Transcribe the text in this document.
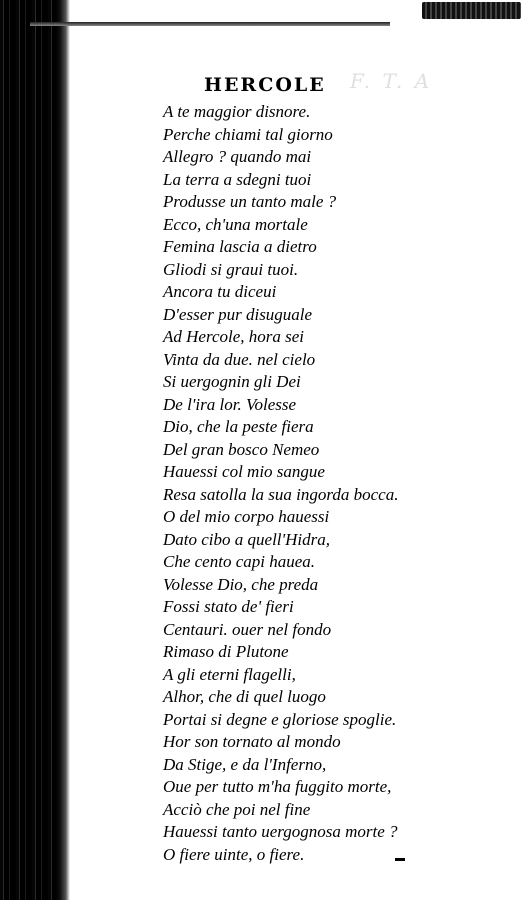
F. T. A
HERCOLE
A te maggior disnore.
Perche chiami tal giorno
Allegro ? quando mai
La terra a sdegni tuoi
Produsse un tanto male ?
Ecco, ch'una mortale
Femina lascia a dietro
Gliodi si graui tuoi.
Ancora tu diceui
D'esser pur disuguale
Ad Hercole, hora sei
Vinta da due. nel cielo
Si uergognin gli Dei
De l'ira lor. Volesse
Dio, che la peste fiera
Del gran bosco Nemeo
Hauessi col mio sangue
Resa satolla la sua ingorda bocca.
O del mio corpo hauessi
Dato cibo a quell'Hidra,
Che cento capi hauea.
Volesse Dio, che preda
Fossi stato de' fieri
Centauri. ouer nel fondo
Rimaso di Plutone
A gli eterni flagelli,
Alhor, che di quel luogo
Portai si degne e gloriose spoglie.
Hor son tornato al mondo
Da Stige, e da l'Inferno,
Oue per tutto m'ha fuggito morte,
Acciò che poi nel fine
Hauessi tanto uergognosa morte ?
O fiere uinte, o fiere.
